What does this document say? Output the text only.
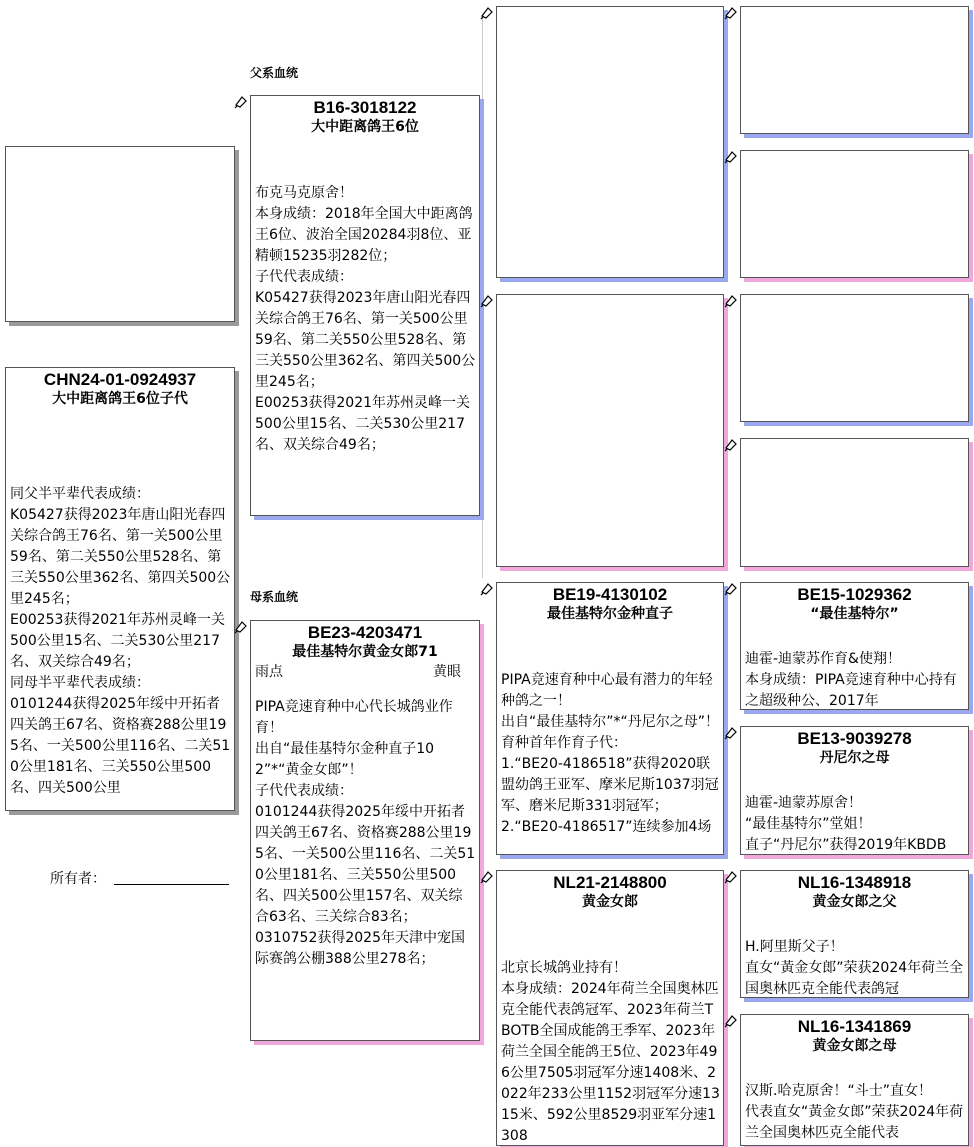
父系血统
母系血统
CHN24-01-0924937
大中距离鸽王6位子代
同父半平辈代表成绩：
K05427获得2023年唐山阳光春四关综合鸽王76名、第一关500公里59名、第二关550公里528名、第三关550公里362名、第四关500公里245名；
E00253获得2021年苏州灵峰一关500公里15名、二关530公里217名、双关综合49名；
同母半平辈代表成绩：
0101244获得2025年绥中开拓者四关鸽王67名、资格赛288公里195名、一关500公里116名、二关510公里181名、三关550公里500名、四关500公里
所有者：
B16-3018122
大中距离鸽王6位
布克马克原舍！
本身成绩：2018年全国大中距离鸽王6位、波治全国20284羽8位、亚精顿15235羽282位；
子代代表成绩：
K05427获得2023年唐山阳光春四关综合鸽王76名、第一关500公里59名、第二关550公里528名、第三关550公里362名、第四关500公里245名；
E00253获得2021年苏州灵峰一关500公里15名、二关530公里217名、双关综合49名；
BE23-4203471
最佳基特尔黄金女郎71
雨点	黄眼
PIPA竞速育种中心代长城鸽业作育！
出自“最佳基特尔金种直子102”*“黄金女郎”！
子代代表成绩：
0101244获得2025年绥中开拓者四关鸽王67名、资格赛288公里195名、一关500公里116名、二关510公里181名、三关550公里500名、四关500公里157名、双关综合63名、三关综合83名；
0310752获得2025年天津中宠国际赛鸽公棚388公里278名；
BE19-4130102
最佳基特尔金种直子
PIPA竞速育种中心最有潜力的年轻种鸽之一！
出自“最佳基特尔”*“丹尼尔之母”！
育种首年作育子代：
1.“BE20-4186518”获得2020联盟幼鸽王亚军、摩米尼斯1037羽冠军、磨米尼斯331羽冠军；
2.“BE20-4186517”连续参加4场
NL21-2148800
黄金女郎
北京长城鸽业持有！
本身成绩：2024年荷兰全国奥林匹克全能代表鸽冠军、2023年荷兰TBOTB全国成能鸽王季军、2023年荷兰全国全能鸽王5位、2023年496公里7505羽冠军分速1408米、2022年233公里1152羽冠军分速1315米、592公里8529羽亚军分速1308
BE15-1029362
“最佳基特尔”
迪霍-迪蒙苏作育&使翔！
本身成绩：PIPA竞速育种中心持有之超级种公、2017年
BE13-9039278
丹尼尔之母
迪霍-迪蒙苏原舍！
“最佳基特尔”堂姐！
直子“丹尼尔”获得2019年KBDB
NL16-1348918
黄金女郎之父
H.阿里斯父子！
直女“黃金女郎”荣获2024年荷兰全国奥林匹克全能代表鸽冠
NL16-1341869
黄金女郎之母
汉斯.哈克原舍！“斗士”直女！
代表直女“黃金女郎”荣获2024年荷兰全国奥林匹克全能代表
